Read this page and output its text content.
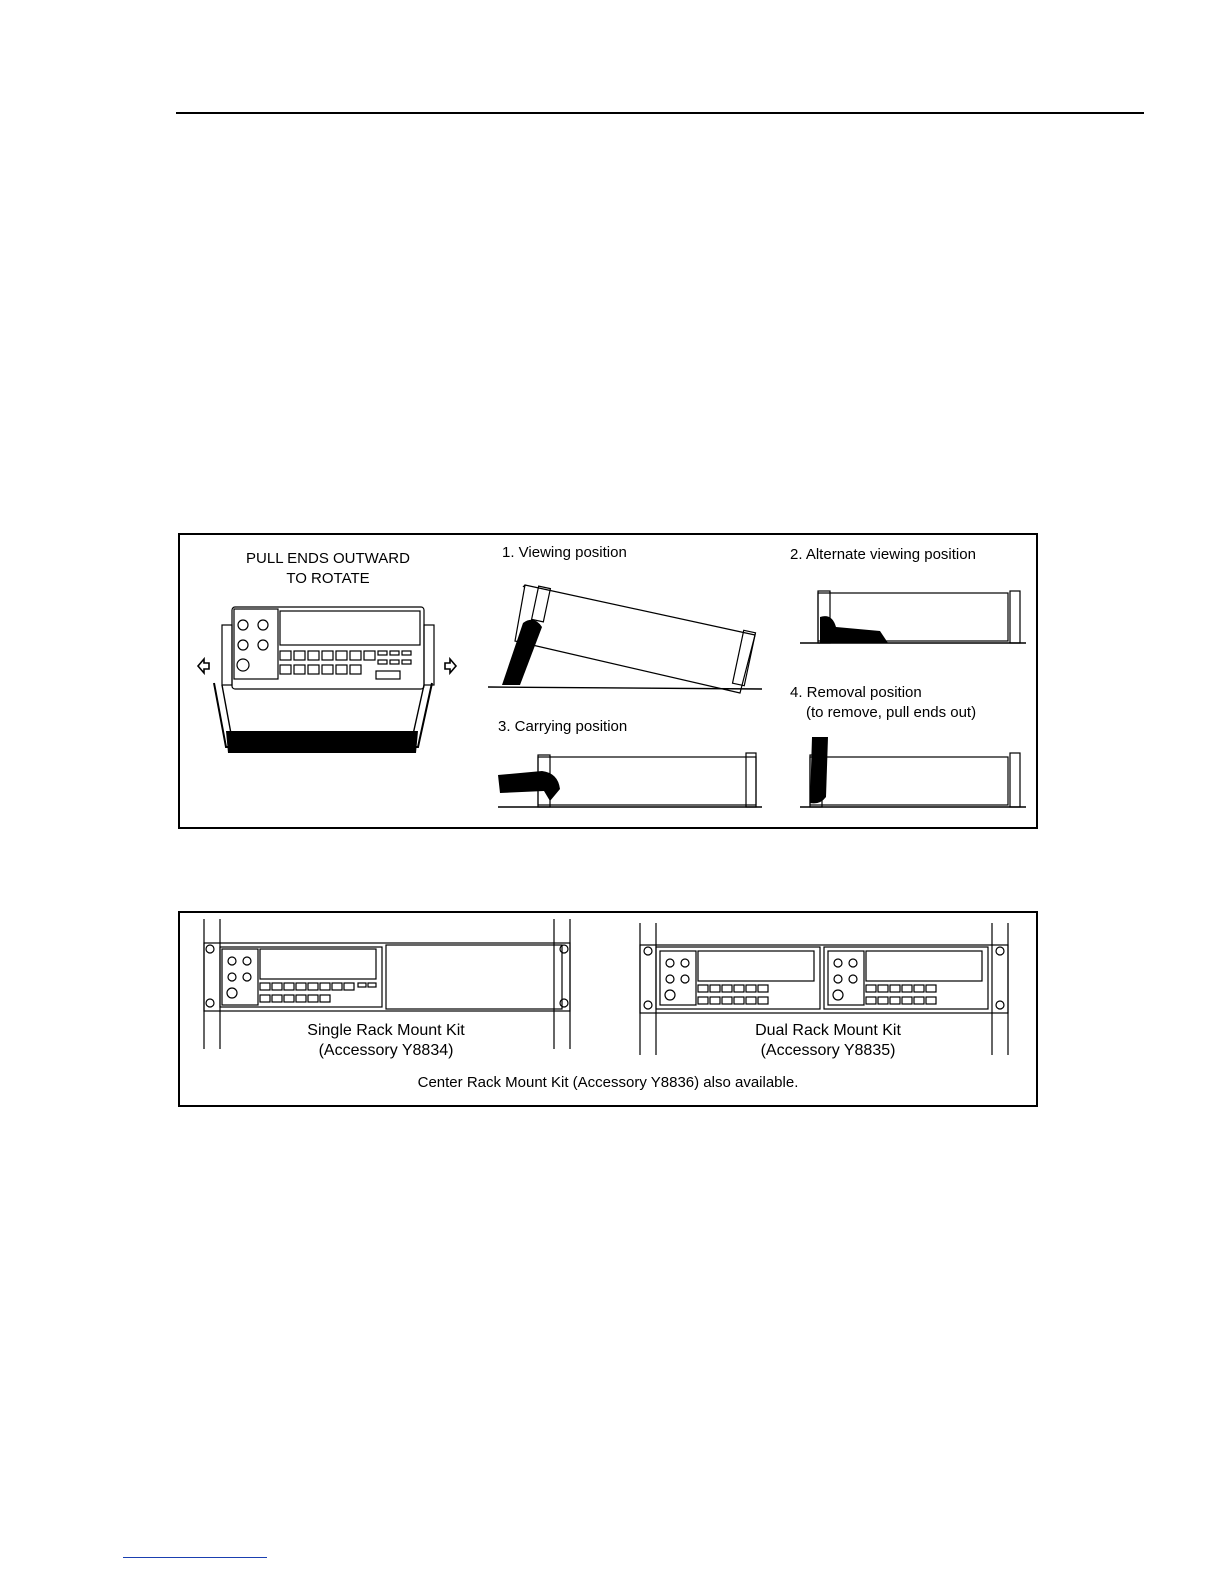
PULL ENDS OUTWARD
TO ROTATE
1. Viewing position	2. Alternate viewing position
3. Carrying position
4. Removal position
(to remove, pull ends out)
Single Rack Mount Kit
(Accessory Y8834)
Dual Rack Mount Kit
(Accessory Y8835)
Center Rack Mount Kit (Accessory Y8836) also available.
